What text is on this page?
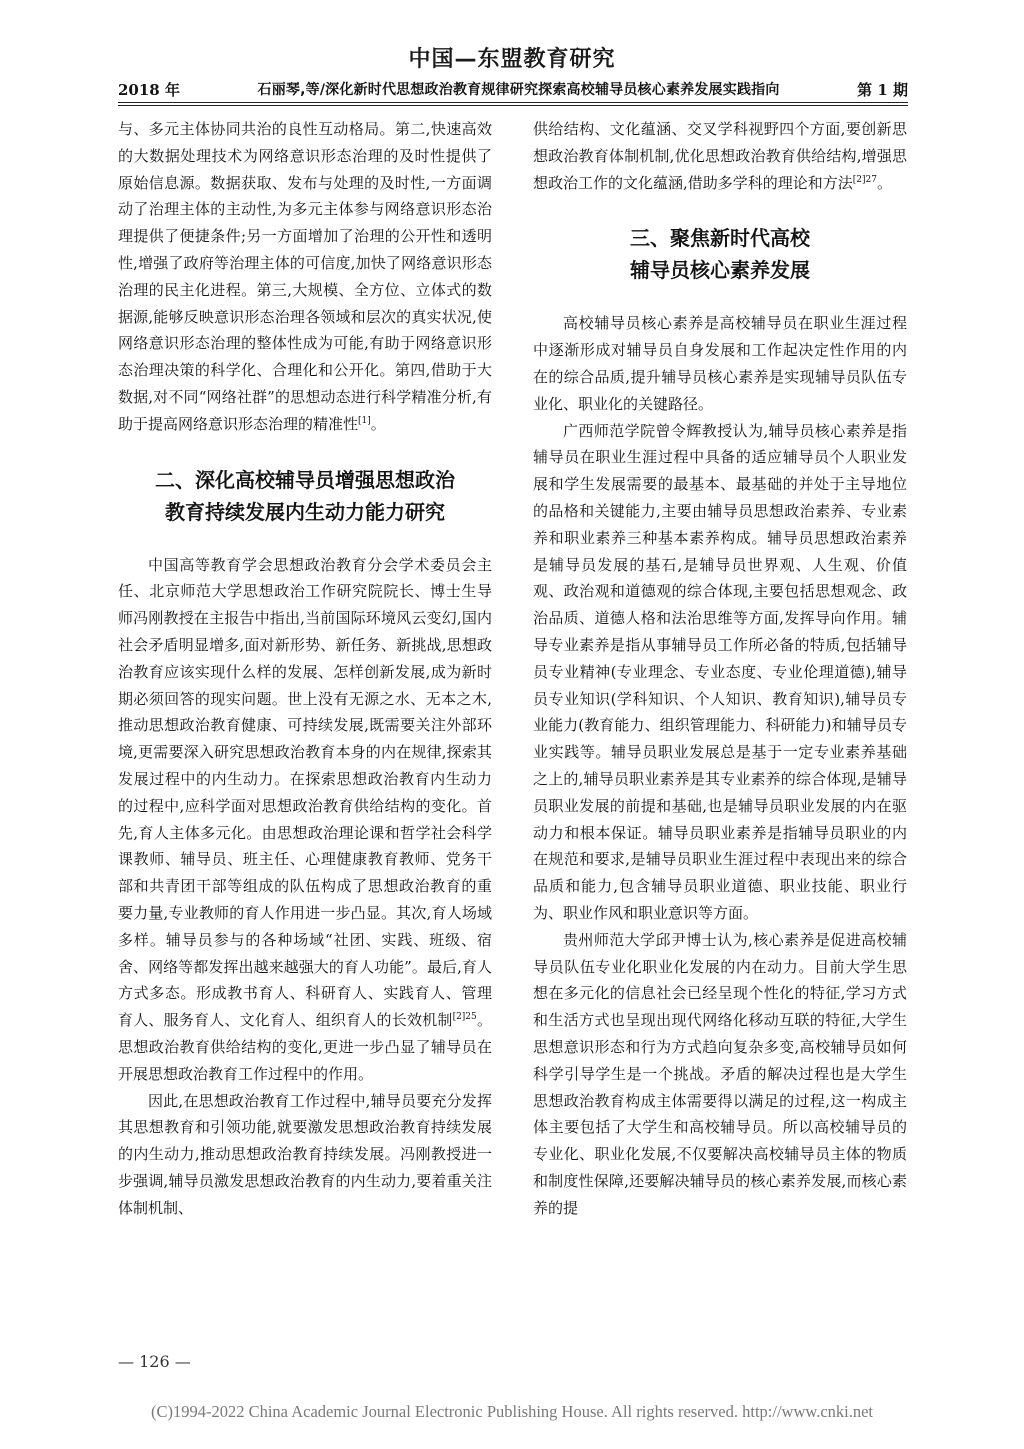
中国—东盟教育研究
2018 年	石丽琴,等/深化新时代思想政治教育规律研究探索高校辅导员核心素养发展实践指向	第 1 期

与、多元主体协同共治的良性互动格局。第二,快速高效的大数据处理技术为网络意识形态治理的及时性提供了原始信息源。数据获取、发布与处理的及时性,一方面调动了治理主体的主动性,为多元主体参与网络意识形态治理提供了便捷条件;另一方面增加了治理的公开性和透明性,增强了政府等治理主体的可信度,加快了网络意识形态治理的民主化进程。第三,大规模、全方位、立体式的数据源,能够反映意识形态治理各领域和层次的真实状况,使网络意识形态治理的整体性成为可能,有助于网络意识形态治理决策的科学化、合理化和公开化。第四,借助于大数据,对不同“网络社群”的思想动态进行科学精准分析,有助于提高网络意识形态治理的精准性[1]。

二、深化高校辅导员增强思想政治
教育持续发展内生动力能力研究

中国高等教育学会思想政治教育分会学术委员会主任、北京师范大学思想政治工作研究院院长、博士生导师冯刚教授在主报告中指出,当前国际环境风云变幻,国内社会矛盾明显增多,面对新形势、新任务、新挑战,思想政治教育应该实现什么样的发展、怎样创新发展,成为新时期必须回答的现实问题。世上没有无源之水、无本之木,推动思想政治教育健康、可持续发展,既需要关注外部环境,更需要深入研究思想政治教育本身的内在规律,探索其发展过程中的内生动力。在探索思想政治教育内生动力的过程中,应科学面对思想政治教育供给结构的变化。首先,育人主体多元化。由思想政治理论课和哲学社会科学课教师、辅导员、班主任、心理健康教育教师、党务干部和共青团干部等组成的队伍构成了思想政治教育的重要力量,专业教师的育人作用进一步凸显。其次,育人场域多样。辅导员参与的各种场域“社团、实践、班级、宿舍、网络等都发挥出越来越强大的育人功能”。最后,育人方式多态。形成教书育人、科研育人、实践育人、管理育人、服务育人、文化育人、组织育人的长效机制$^{[2]25}$。思想政治教育供给结构的变化,更进一步凸显了辅导员在开展思想政治教育工作过程中的作用。

因此,在思想政治教育工作过程中,辅导员要充分发挥其思想教育和引领功能,就要激发思想政治教育持续发展的内生动力,推动思想政治教育持续发展。冯刚教授进一步强调,辅导员激发思想政治教育的内生动力,要着重关注体制机制、

供给结构、文化蕴涵、交叉学科视野四个方面,要创新思想政治教育体制机制,优化思想政治教育供给结构,增强思想政治工作的文化蕴涵,借助多学科的理论和方法$^{[2]27}$。

三、聚焦新时代高校
辅导员核心素养发展

高校辅导员核心素养是高校辅导员在职业生涯过程中逐渐形成对辅导员自身发展和工作起决定性作用的内在的综合品质,提升辅导员核心素养是实现辅导员队伍专业化、职业化的关键路径。

广西师范学院曾令辉教授认为,辅导员核心素养是指辅导员在职业生涯过程中具备的适应辅导员个人职业发展和学生发展需要的最基本、最基础的并处于主导地位的品格和关键能力,主要由辅导员思想政治素养、专业素养和职业素养三种基本素养构成。辅导员思想政治素养是辅导员发展的基石,是辅导员世界观、人生观、价值观、政治观和道德观的综合体现,主要包括思想观念、政治品质、道德人格和法治思维等方面,发挥导向作用。辅导专业素养是指从事辅导员工作所必备的特质,包括辅导员专业精神(专业理念、专业态度、专业伦理道德),辅导员专业知识(学科知识、个人知识、教育知识),辅导员专业能力(教育能力、组织管理能力、科研能力)和辅导员专业实践等。辅导员职业发展总是基于一定专业素养基础之上的,辅导员职业素养是其专业素养的综合体现,是辅导员职业发展的前提和基础,也是辅导员职业发展的内在驱动力和根本保证。辅导员职业素养是指辅导员职业的内在规范和要求,是辅导员职业生涯过程中表现出来的综合品质和能力,包含辅导员职业道德、职业技能、职业行为、职业作风和职业意识等方面。

贵州师范大学邱尹博士认为,核心素养是促进高校辅导员队伍专业化职业化发展的内在动力。目前大学生思想在多元化的信息社会已经呈现个性化的特征,学习方式和生活方式也呈现出现代网络化移动互联的特征,大学生思想意识形态和行为方式趋向复杂多变,高校辅导员如何科学引导学生是一个挑战。矛盾的解决过程也是大学生思想政治教育构成主体需要得以满足的过程,这一构成主体主要包括了大学生和高校辅导员。所以高校辅导员的专业化、职业化发展,不仅要解决高校辅导员主体的物质和制度性保障,还要解决辅导员的核心素养发展,而核心素养的提

— 126 —
(C)1994-2022 China Academic Journal Electronic Publishing House. All rights reserved. http://www.cnki.net
